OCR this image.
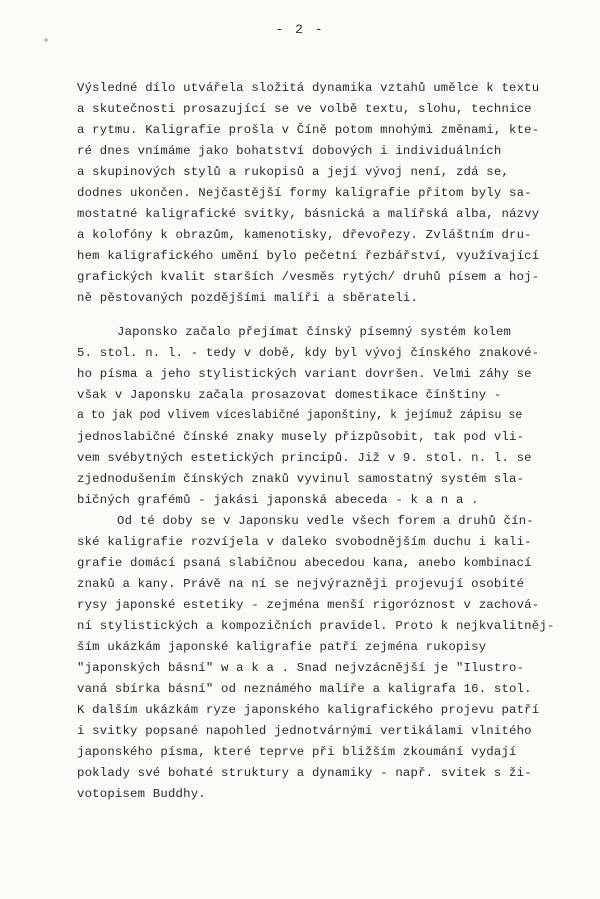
- 2 -
Výsledné dílo utvářela složitá dynamika vztahů umělce k textu
a skutečnosti prosazující se ve volbě textu, slohu, technice
a rytmu. Kaligrafie prošla v Číně potom mnohými změnami, kte-
ré dnes vnímáme jako bohatství dobových i individuálních
a skupinových stylů a rukopisů a její vývoj není, zdá se,
dodnes ukončen. Nejčastější formy kaligrafie přitom byly sa-
mostatné kaligrafické svitky, básnická a malířská alba, názvy
a kolofóny k obrazům, kamenotisky, dřevořezy. Zvláštním dru-
hem kaligrafického umění bylo pečetní řezbářství, využívající
grafických kvalit starších /vesměs rytých/ druhů písem a hoj-
ně pěstovaných pozdějšími malíři a sběrateli.
Japonsko začalo přejímat čínský písemný systém kolem
5. stol. n. l. - tedy v době, kdy byl vývoj čínského znakové-
ho písma a jeho stylistických variant dovršen. Velmi záhy se
však v Japonsku začala prosazovat domestikace čínštiny -
a to jak pod vlivem víceslabičné japonštiny, k jejímuž zápisu se
jednoslabičné čínské znaky musely přizpůsobit, tak pod vli-
vem svébytných estetických principů. Již v 9. stol. n. l. se
zjednodušením čínských znaků vyvinul samostatný systém sla-
bičných grafémů - jakási japonská abeceda - k a n a .
Od té doby se v Japonsku vedle všech forem a druhů čín-
ské kaligrafie rozvíjela v daleko svobodnějším duchu i kali-
grafie domácí psaná slabičnou abecedou kana, anebo kombinací
znaků a kany. Právě na ní se nejvýrazněji projevují osobité
rysy japonské estetiky - zejména menší rigoróznost v zachová-
ní stylistických a kompozičních pravidel. Proto k nejkvalitněj-
ším ukázkám japonské kaligrafie patří zejména rukopisy
"japonských básní" w a k a . Snad nejvzácnější je "Ilustro-
vaná sbírka básní" od neznámého malíře a kaligrafa 16. stol.
K dalším ukázkám ryze japonského kaligrafického projevu patří
i svitky popsané napohled jednotvárnými vertikálami vlnitého
japonského písma, které teprve při bližším zkoumání vydají
poklady své bohaté struktury a dynamiky - např. svitek s ži-
votopisem Buddhy.
